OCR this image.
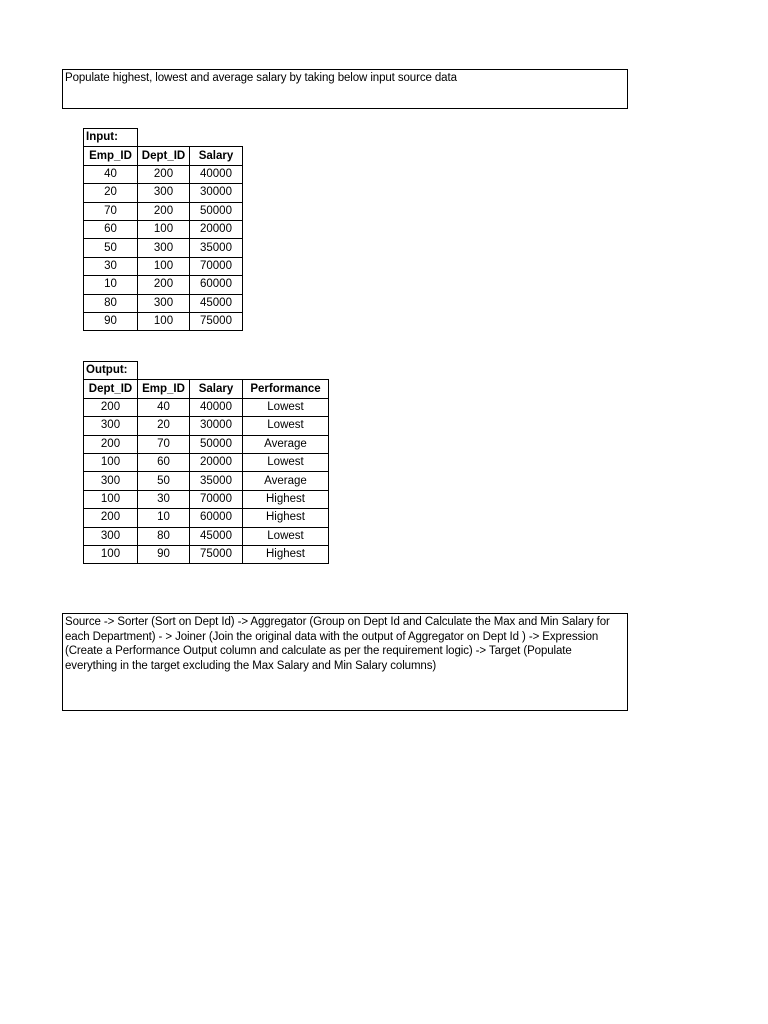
Populate highest, lowest and average salary by taking below input source data
Input:		
Emp_ID	Dept_ID	Salary
40	200	40000
20	300	30000
70	200	50000
60	100	20000
50	300	35000
30	100	70000
10	200	60000
80	300	45000
90	100	75000
Output:			
Dept_ID	Emp_ID	Salary	Performance
200	40	40000	Lowest
300	20	30000	Lowest
200	70	50000	Average
100	60	20000	Lowest
300	50	35000	Average
100	30	70000	Highest
200	10	60000	Highest
300	80	45000	Lowest
100	90	75000	Highest
Source -> Sorter (Sort on Dept Id) -> Aggregator (Group on Dept Id and Calculate the Max and Min Salary for each Department) - > Joiner (Join the original data with the output of Aggregator on Dept Id ) -> Expression (Create a Performance Output column and calculate as per the requirement logic) -> Target (Populate everything in the target excluding the Max Salary and Min Salary columns)
